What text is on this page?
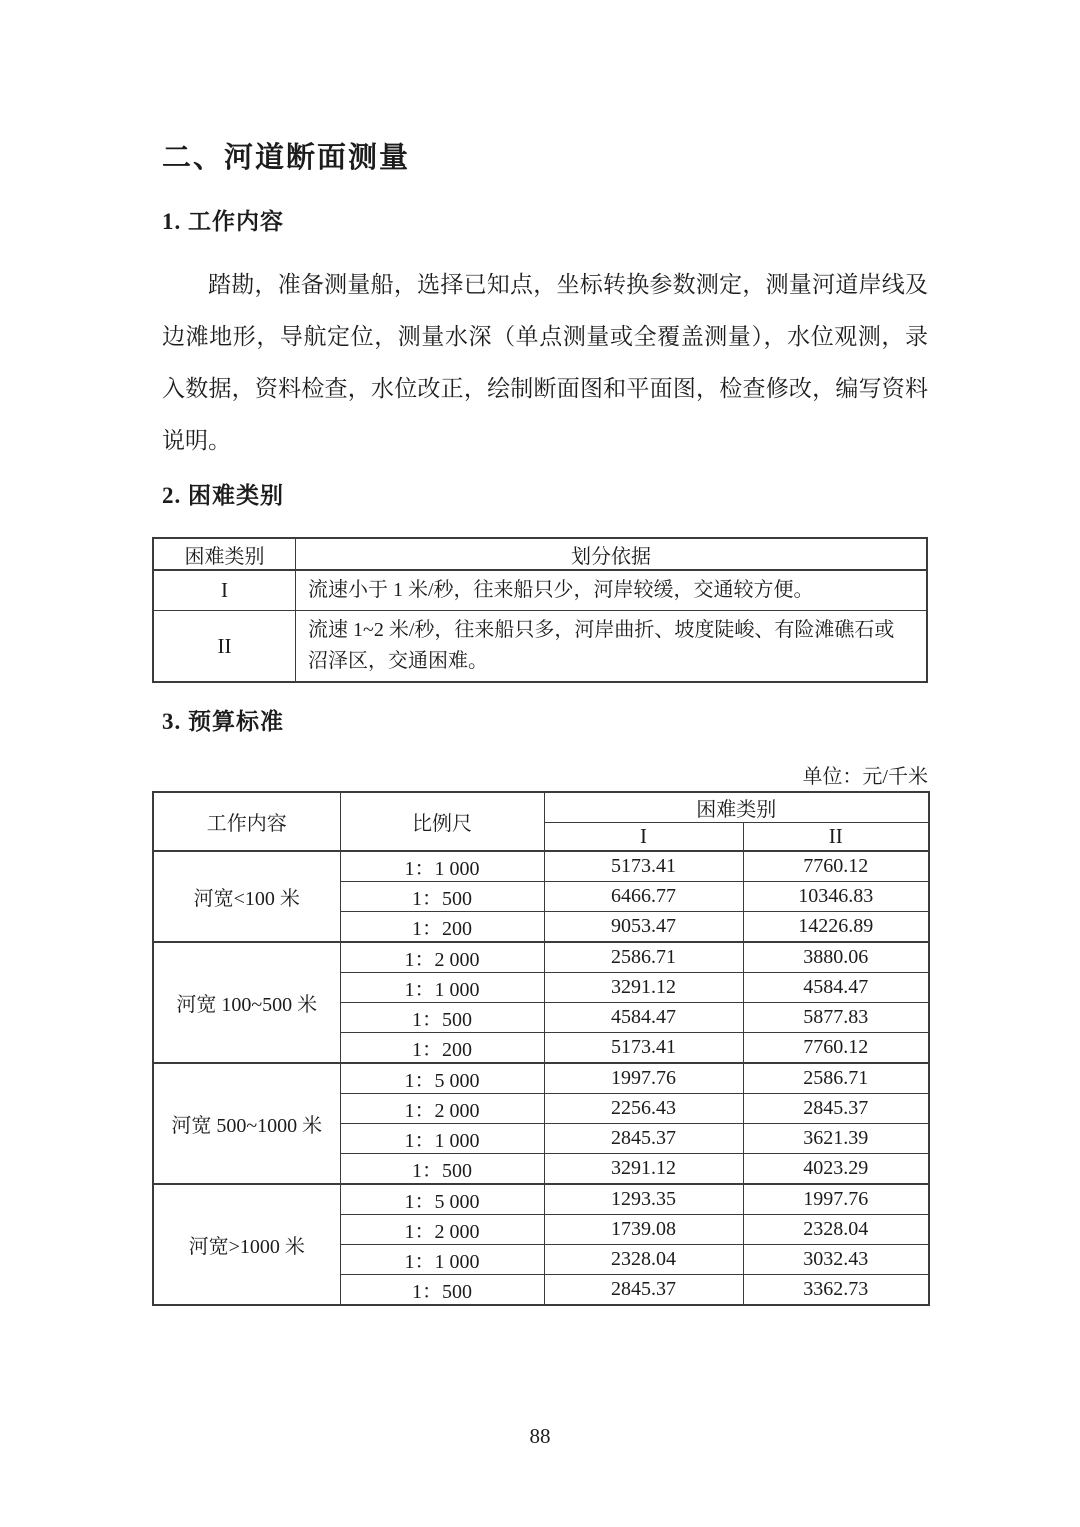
二、河道断面测量
1. 工作内容

踏勘，准备测量船，选择已知点，坐标转换参数测定，测量河道岸线及边滩地形，导航定位，测量水深（单点测量或全覆盖测量），水位观测，录入数据，资料检查，水位改正，绘制断面图和平面图，检查修改，编写资料说明。

2. 困难类别
困难类别	划分依据
I	流速小于 1 米/秒，往来船只少，河岸较缓，交通较方便。
II	流速 1~2 米/秒，往来船只多，河岸曲折、坡度陡峻、有险滩礁石或沼泽区，交通困难。
3. 预算标准
单位：元/千米
工作内容	比例尺	困难类别	
		I	II
河宽<100 米	1：1 000	5173.41	7760.12
	1：500	6466.77	10346.83
	1：200	9053.47	14226.89
河宽 100~500 米	1：2 000	2586.71	3880.06
	1：1 000	3291.12	4584.47
	1：500	4584.47	5877.83
	1：200	5173.41	7760.12
河宽 500~1000 米	1：5 000	1997.76	2586.71
	1：2 000	2256.43	2845.37
	1：1 000	2845.37	3621.39
	1：500	3291.12	4023.29
河宽>1000 米	1：5 000	1293.35	1997.76
	1：2 000	1739.08	2328.04
	1：1 000	2328.04	3032.43
	1：500	2845.37	3362.73
88
